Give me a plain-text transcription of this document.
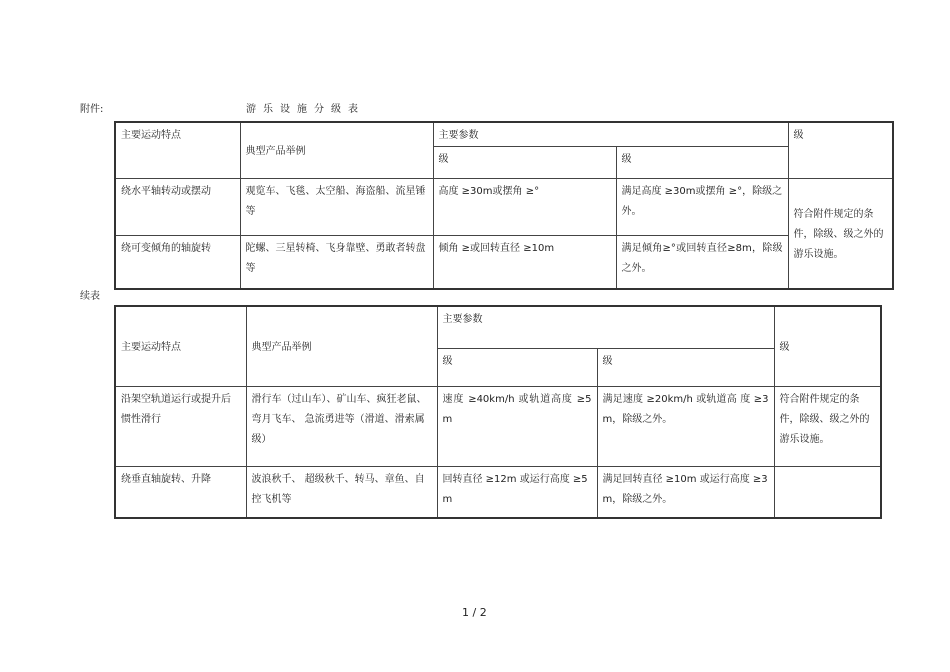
附件:	游乐设施分级表
主要运动特点	典型产品举例	主要参数		级
		级	级	
绕水平轴转动或摆动	观览车、飞毯、太空船、海盗船、流星锤等	高度 ≥30m或摆角 ≥°	满足高度 ≥30m或摆角 ≥°，除级之外。	符合附件规定的条件，除级、级之外的游乐设施。
绕可变倾角的轴旋转	陀螺、三星转椅、飞身靠壁、勇敢者转盘等	倾角 ≥或回转直径 ≥10m	满足倾角≥°或回转直径≥8m，除级之外。	
续表
主要运动特点	典型产品举例	主要参数		级
		级	级	
沿架空轨道运行或提升后惯性滑行	滑行车（过山车）、矿山车、疯狂老鼠、弯月飞车、 急流勇进等（滑道、滑索属级）	速度 ≥40km/h 或轨道高度 ≥5m	满足速度 ≥20km/h 或轨道高 度 ≥3m，除级之外。	符合附件规定的条件，除级、级之外的游乐设施。
绕垂直轴旋转、升降	波浪秋千、 超级秋千、转马、章鱼、自控飞机等	回转直径 ≥12m 或运行高度 ≥5m	满足回转直径 ≥10m 或运行高度 ≥3m，除级之外。	
1 / 2
